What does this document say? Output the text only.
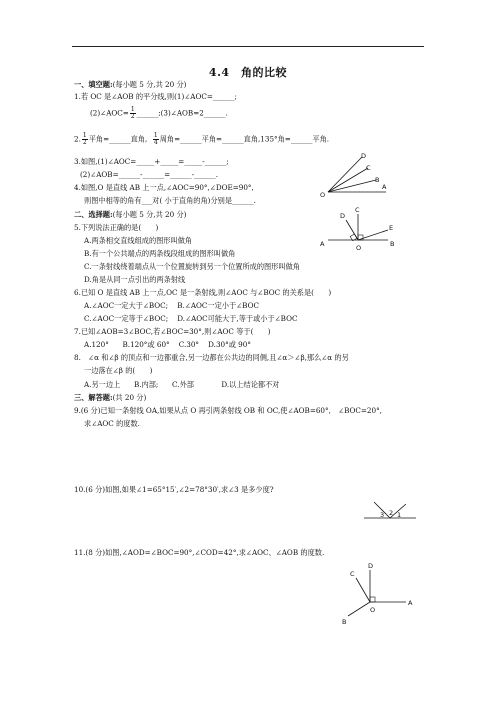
4.4　角的比较
一、填空题:(每小题 5 分,共 20 分)
1.若 OC 是∠AOB 的平分线,则(1)∠AOC=______;
(2)∠AOC= $\frac{1}{2}$ ______;(3)∠AOB=2______.
2. $\frac{1}{2}$ 平角=______直角, $\frac{1}{4}$ 周角=______平角=______直角,135°角=______平角.
3.如图,(1)∠AOC=_____+_____=_____-______;
(2)∠AOB=______-______=______-______.
4.如图,O 是直线 AB 上一点,∠AOC=90°,∠DOE=90°,
则图中相等的角有___对( 小于直角的角)分别是______.
二、选择题:(每小题 5 分,共 20 分)
5.下列说法正确的是(　　)
A.两条相交直线组成的图形叫做角
B.有一个公共端点的两条线段组成的图形叫做角
C.一条射线绕着端点从一个位置旋转到另一个位置所成的图形叫做角
D.角是从同一点引出的两条射线
6.已知 O 是直线 AB 上一点,OC 是一条射线,则∠AOC 与∠BOC 的关系是(　　)
A.∠AOC一定大于∠BOC; B.∠AOC一定小于∠BOC
C.∠AOC一定等于∠BOC; D.∠AOC可能大于,等于或小于∠BOC
7.已知∠AOB=3∠BOC,若∠BOC=30°,则∠AOC 等于(　　)
A.120° B.120°或 60° C.30° D.30°或 90°
8.　∠α 和∠β 的顶点和一边都重合,另一边都在公共边的同侧,且∠α＞∠β,那么∠α 的另
一边落在∠β 的(　　)
A.另一边上 B.内部; C.外部	D.以上结论都不对
三、解答题:(共 20 分)
9.(6 分)已知一条射线 OA,如果从点 O 再引两条射线 OB 和 OC,使∠AOB=60°,　∠BOC=20°,
求∠AOC 的度数.
10.(6 分)如图,如果∠1=65°15′,∠2=78°30′,求∠3 是多少度?
11.(8 分)如图,∠AOD=∠BOC=90°,∠COD=42°,求∠AOC、∠AOB 的度数.
O
A
B
C
D
A	O	B
C
D
E
3 2 1
C
D
A
O
B
